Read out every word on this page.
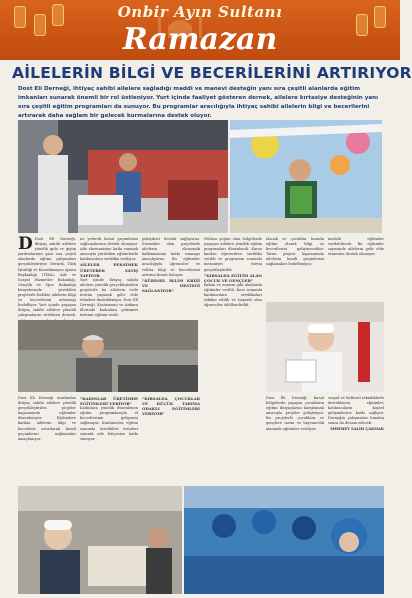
Onbir Ayın Sultanı
Ramazan
AİLELERİN BİLGİ VE BECERİLERİNİ ARTIRIYOR
Dost Eli Derneği, ihtiyaç sahibi ailelere sağladığı maddi ve manevi desteğin yanı sıra çeşitli alanlarda eğitim imkanları sunarak önemli bir rol üstleniyor. Yurt içinde faaliyet gösteren dernek, ailelere kırtasiye desteğinin yanı sıra çeşitli eğitim programları da sunuyor. Bu programlar aracılığıyla ihtiyaç sahibi ailelerin bilgi ve becerilerini artırarak daha sağlam bir gelecek kurmalarına destek oluyor.
D Dost Eli Derneği, ihtiyaç sahibi ailelere yönelik gıda ve giyim yardımlarının yanı sıra çeşitli alanlarda eğitim çalışmaları gerçekleştiriyor. Dernek, Türk İşbirliği ve Koordinasyon Ajansı Başkanlığı (TİKA), Aile ve Sosyal Hizmetler Bakanlığı, Gençlik ve Spor Bakanlığı bünyelerinde yürütülen projelerle birlikte ailelerin bilgi ve becerilerini artırmayı hedefliyor. Yurt içinde yaşayan ihtiyaç sahibi ailelere yönelik çalışmalarını sürdüren dernek,
ne yeterek kırsal geçimlerini sağlamalarına destek olunuyor. Aile ekonomisine katkı sunmak amacıyla yürütülen eğitimlerde katılımcılara sertifika veriliyor.
AİLELER PEKSİMEK ÜRETEREK SATIŞ YAPIYOR
Yurt içinde ihtiyaç sahibi ailelere yönelik gerçekleştirilen projelerle bu ailelerin evde üretim yaparak gelir elde etmeleri destekleniyor. Dost Eli Derneği, Kastamonu ve Ankara illerinde kadınlara peksimet üretimi eğitimi verdi.
pekiştirici destek sağlıyoruz. Sürmekte olan projelerde ailelerin ekonomik kalkınmasına katkı sunmayı amaçlıyoruz. Bu eğitimler aracılığıyla öğrenciler ve veliler bilgi ve becerilerini artırma fırsatı buluyor.
“KÜRESEL İKLİM KRİZİ VE DESTEĞİ SAĞLANIYOR”
Nüfusu yoğun olan bölgelerde yaşayan ailelere yönelik eğitim programları düzenlendi. Kursa katılan öğrencilere sertifika verildi ve programın sonunda mezuniyet töreni gerçekleştirildi.
“KIRSALDA EĞİTİM ALAN ÇOCUK VE GENÇLER”
bakım ve onarım gibi alanlarda eğitimler verildi. Kurs sonunda katılımcılara sertifikaları takdim edildi ve başarılı olan öğrenciler ödüllendirildi.
olacak ve çocuklar burada eğitim alarak bilgi ve becerilerini geliştirecekler. Tarım projesi kapsamında ailelerin kendi geçimlerini sağlamaları hedefleniyor.
meslek eğitimler verilebilecek. Bu eğitimler sayesinde ailelerin gelir elde etmesine destek olunuyor.
Dost Eli Derneği tarafından ihtiyaç sahibi ailelere yönelik gerçekleştirilen projeler kapsamında eğitimler düzenleniyor. Eğitimlere katılan ailelerin bilgi ve becerileri artırılarak kendi geçimlerini sağlamaları amaçlanıyor.
“KADINLAR ÜRETİMDE EĞİTİMLERİ VERİYOR”
Kadınlara yönelik düzenlenen eğitim programlarıyla el becerilerinin gelişmesi sağlanıyor. Katılımcılar, eğitim sonunda ürettikleri ürünleri satarak aile bütçesine katkı sunuyor.
“KIRSALDA ÇOCUKLAR VE KÜÇÜK TARIMA ODAKLI EĞİTİMLERİ VERİYOR”
Dost Eli Derneği, kırsal bölgelerde yaşayan çocukların eğitim ihtiyaçlarını karşılamak amacıyla projeler geliştiriyor. Bu projelerle çocuklara ve gençlere tarım ve hayvancılık alanında eğitimler veriliyor.
sosyal ve kültürel etkinliklerle desteklenen eğitimler, katılımcıların kişisel gelişimlerine katkı sağlıyor. Derneğin çalışmaları bundan sonra da devam edecek.
MEHMET SALİH ÇAKMAK
